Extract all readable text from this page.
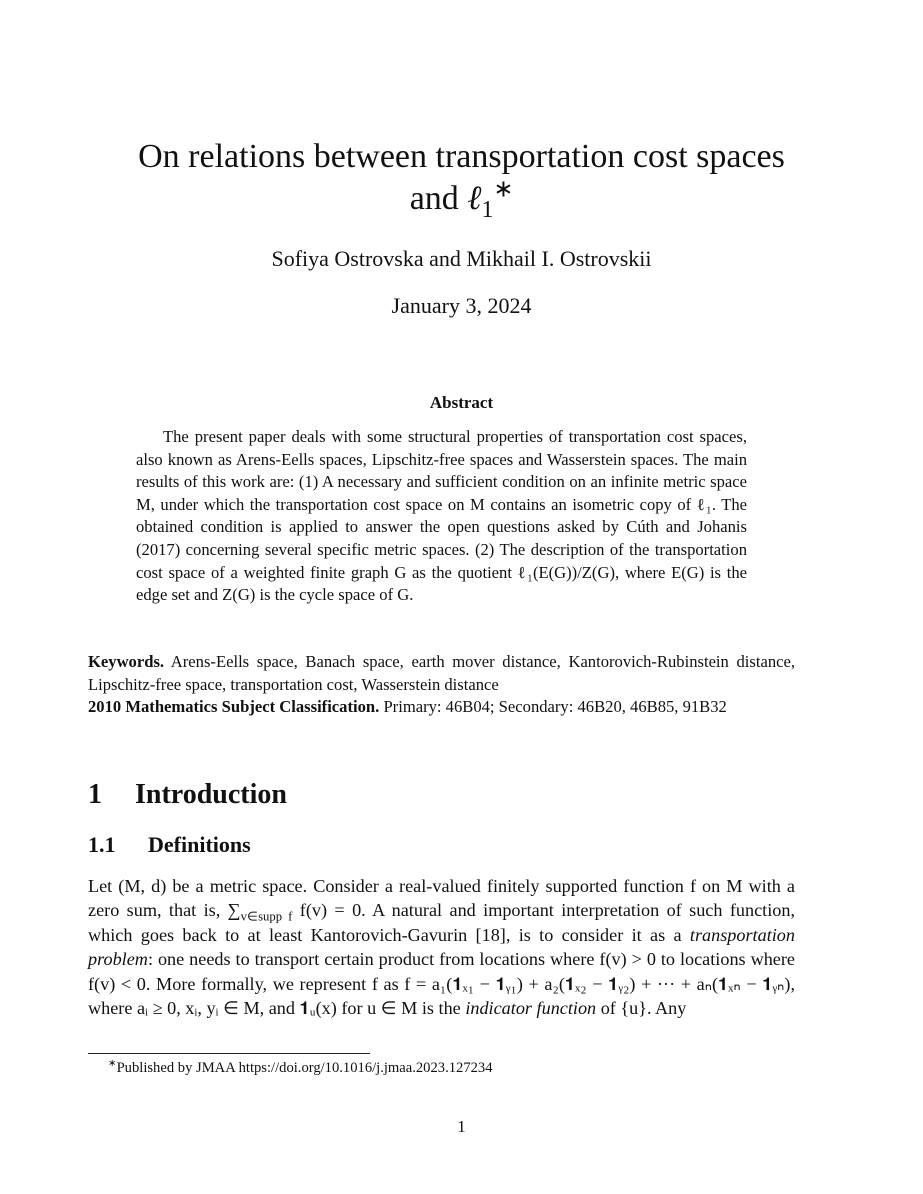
On relations between transportation cost spaces
and ℓ$_1$∗
Sofiya Ostrovska and Mikhail I. Ostrovskii
January 3, 2024
Abstract
The present paper deals with some structural properties of transportation cost spaces, also known as Arens-Eells spaces, Lipschitz-free spaces and Wasserstein spaces. The main results of this work are: (1) A necessary and sufficient condition on an infinite metric space M, under which the transportation cost space on M contains an isometric copy of ℓ₁. The obtained condition is applied to answer the open questions asked by Cúth and Johanis (2017) concerning several specific metric spaces. (2) The description of the transportation cost space of a weighted finite graph G as the quotient ℓ₁(E(G))/Z(G), where E(G) is the edge set and Z(G) is the cycle space of G.
Keywords. Arens-Eells space, Banach space, earth mover distance, Kantorovich-Rubinstein distance, Lipschitz-free space, transportation cost, Wasserstein distance
2010 Mathematics Subject Classification. Primary: 46B04; Secondary: 46B20, 46B85, 91B32
1 Introduction
1.1 Definitions
Let (M, d) be a metric space. Consider a real-valued finitely supported function f on M with a zero sum, that is, $\sum_{v\in supp f}$ f(v) = 0. A natural and important interpretation of such function, which goes back to at least Kantorovich-Gavurin [18], is to consider it as a transportation problem: one needs to transport certain product from locations where f(v) > 0 to locations where f(v) < 0. More formally, we represent f as f = a₁(𝟏ₓ₁ − 𝟏ᵧ₁) + a₂(𝟏ₓ₂ − 𝟏ᵧ₂) + ··· + aₙ(𝟏ₓₙ − 𝟏ᵧₙ), where aᵢ ≥ 0, xᵢ, yᵢ ∈ M, and 𝟏ᵤ(x) for u ∈ M is the indicator function of {u}. Any
∗Published by JMAA https://doi.org/10.1016/j.jmaa.2023.127234
1
